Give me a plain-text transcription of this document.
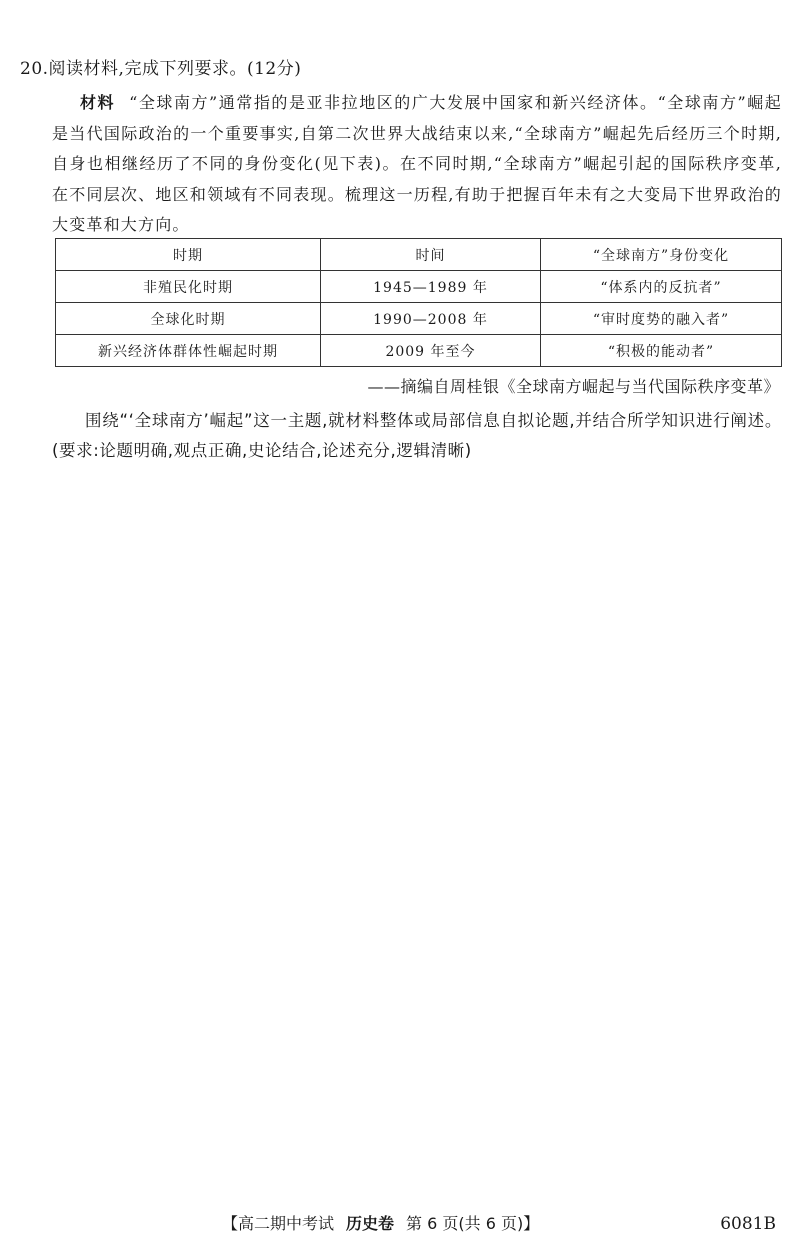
20.阅读材料,完成下列要求。(12分)
材料 “全球南方”通常指的是亚非拉地区的广大发展中国家和新兴经济体。“全球南方”崛起是当代国际政治的一个重要事实,自第二次世界大战结束以来,“全球南方”崛起先后经历三个时期,自身也相继经历了不同的身份变化(见下表)。在不同时期,“全球南方”崛起引起的国际秩序变革,在不同层次、地区和领域有不同表现。梳理这一历程,有助于把握百年未有之大变局下世界政治的大变革和大方向。
时期	时间	“全球南方”身份变化
非殖民化时期	1945—1989 年	“体系内的反抗者”
全球化时期	1990—2008 年	“审时度势的融入者”
新兴经济体群体性崛起时期	2009 年至今	“积极的能动者”
——摘编自周桂银《全球南方崛起与当代国际秩序变革》
围绕“‘全球南方’崛起”这一主题,就材料整体或局部信息自拟论题,并结合所学知识进行阐述。(要求:论题明确,观点正确,史论结合,论述充分,逻辑清晰)
【高二期中考试 历史卷 第 6 页(共 6 页)】	6081B
